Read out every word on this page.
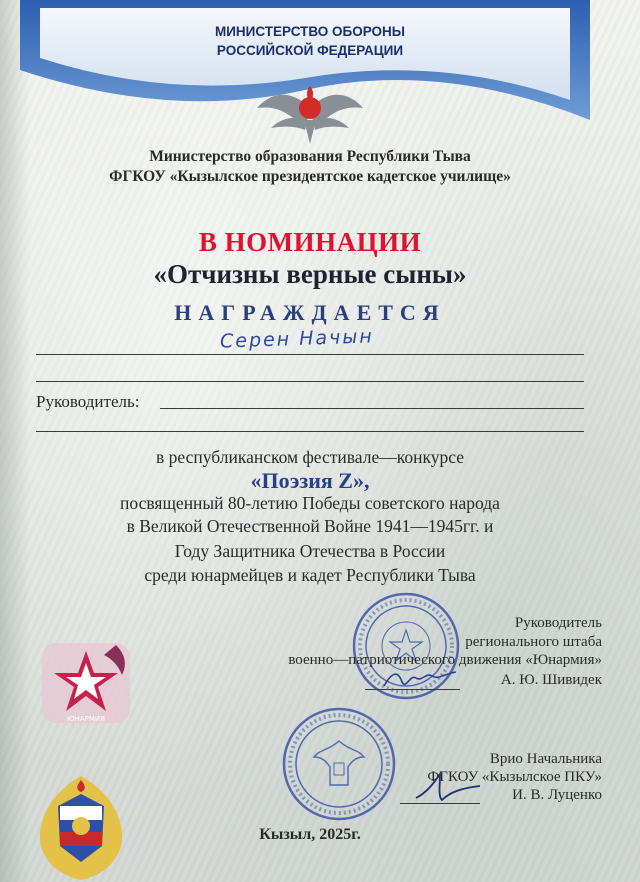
МИНИСТЕРСТВО ОБОРОНЫ
РОССИЙСКОЙ ФЕДЕРАЦИИ
Министерство образования Республики Тыва
ФГКОУ «Кызылское президентское кадетское училище»
В НОМИНАЦИИ
«Отчизны верные сыны»
НАГРАЖДАЕТСЯ
Серен Начын
Руководитель:
в республиканском фестивале—конкурсе
«Поэзия Z»,
посвященный 80-летию Победы советского народа
в Великой Отечественной Войне 1941—1945гг. и
Году Защитника Отечества в России
среди юнармейцев и кадет Республики Тыва
ЮНАРМИЯ
Руководитель
регионального штаба
военно—патриотического движения «Юнармия»
А. Ю. Шивидек
Врио Начальника
ФГКОУ «Кызылское ПКУ»
И. В. Луценко
Кызыл, 2025г.
